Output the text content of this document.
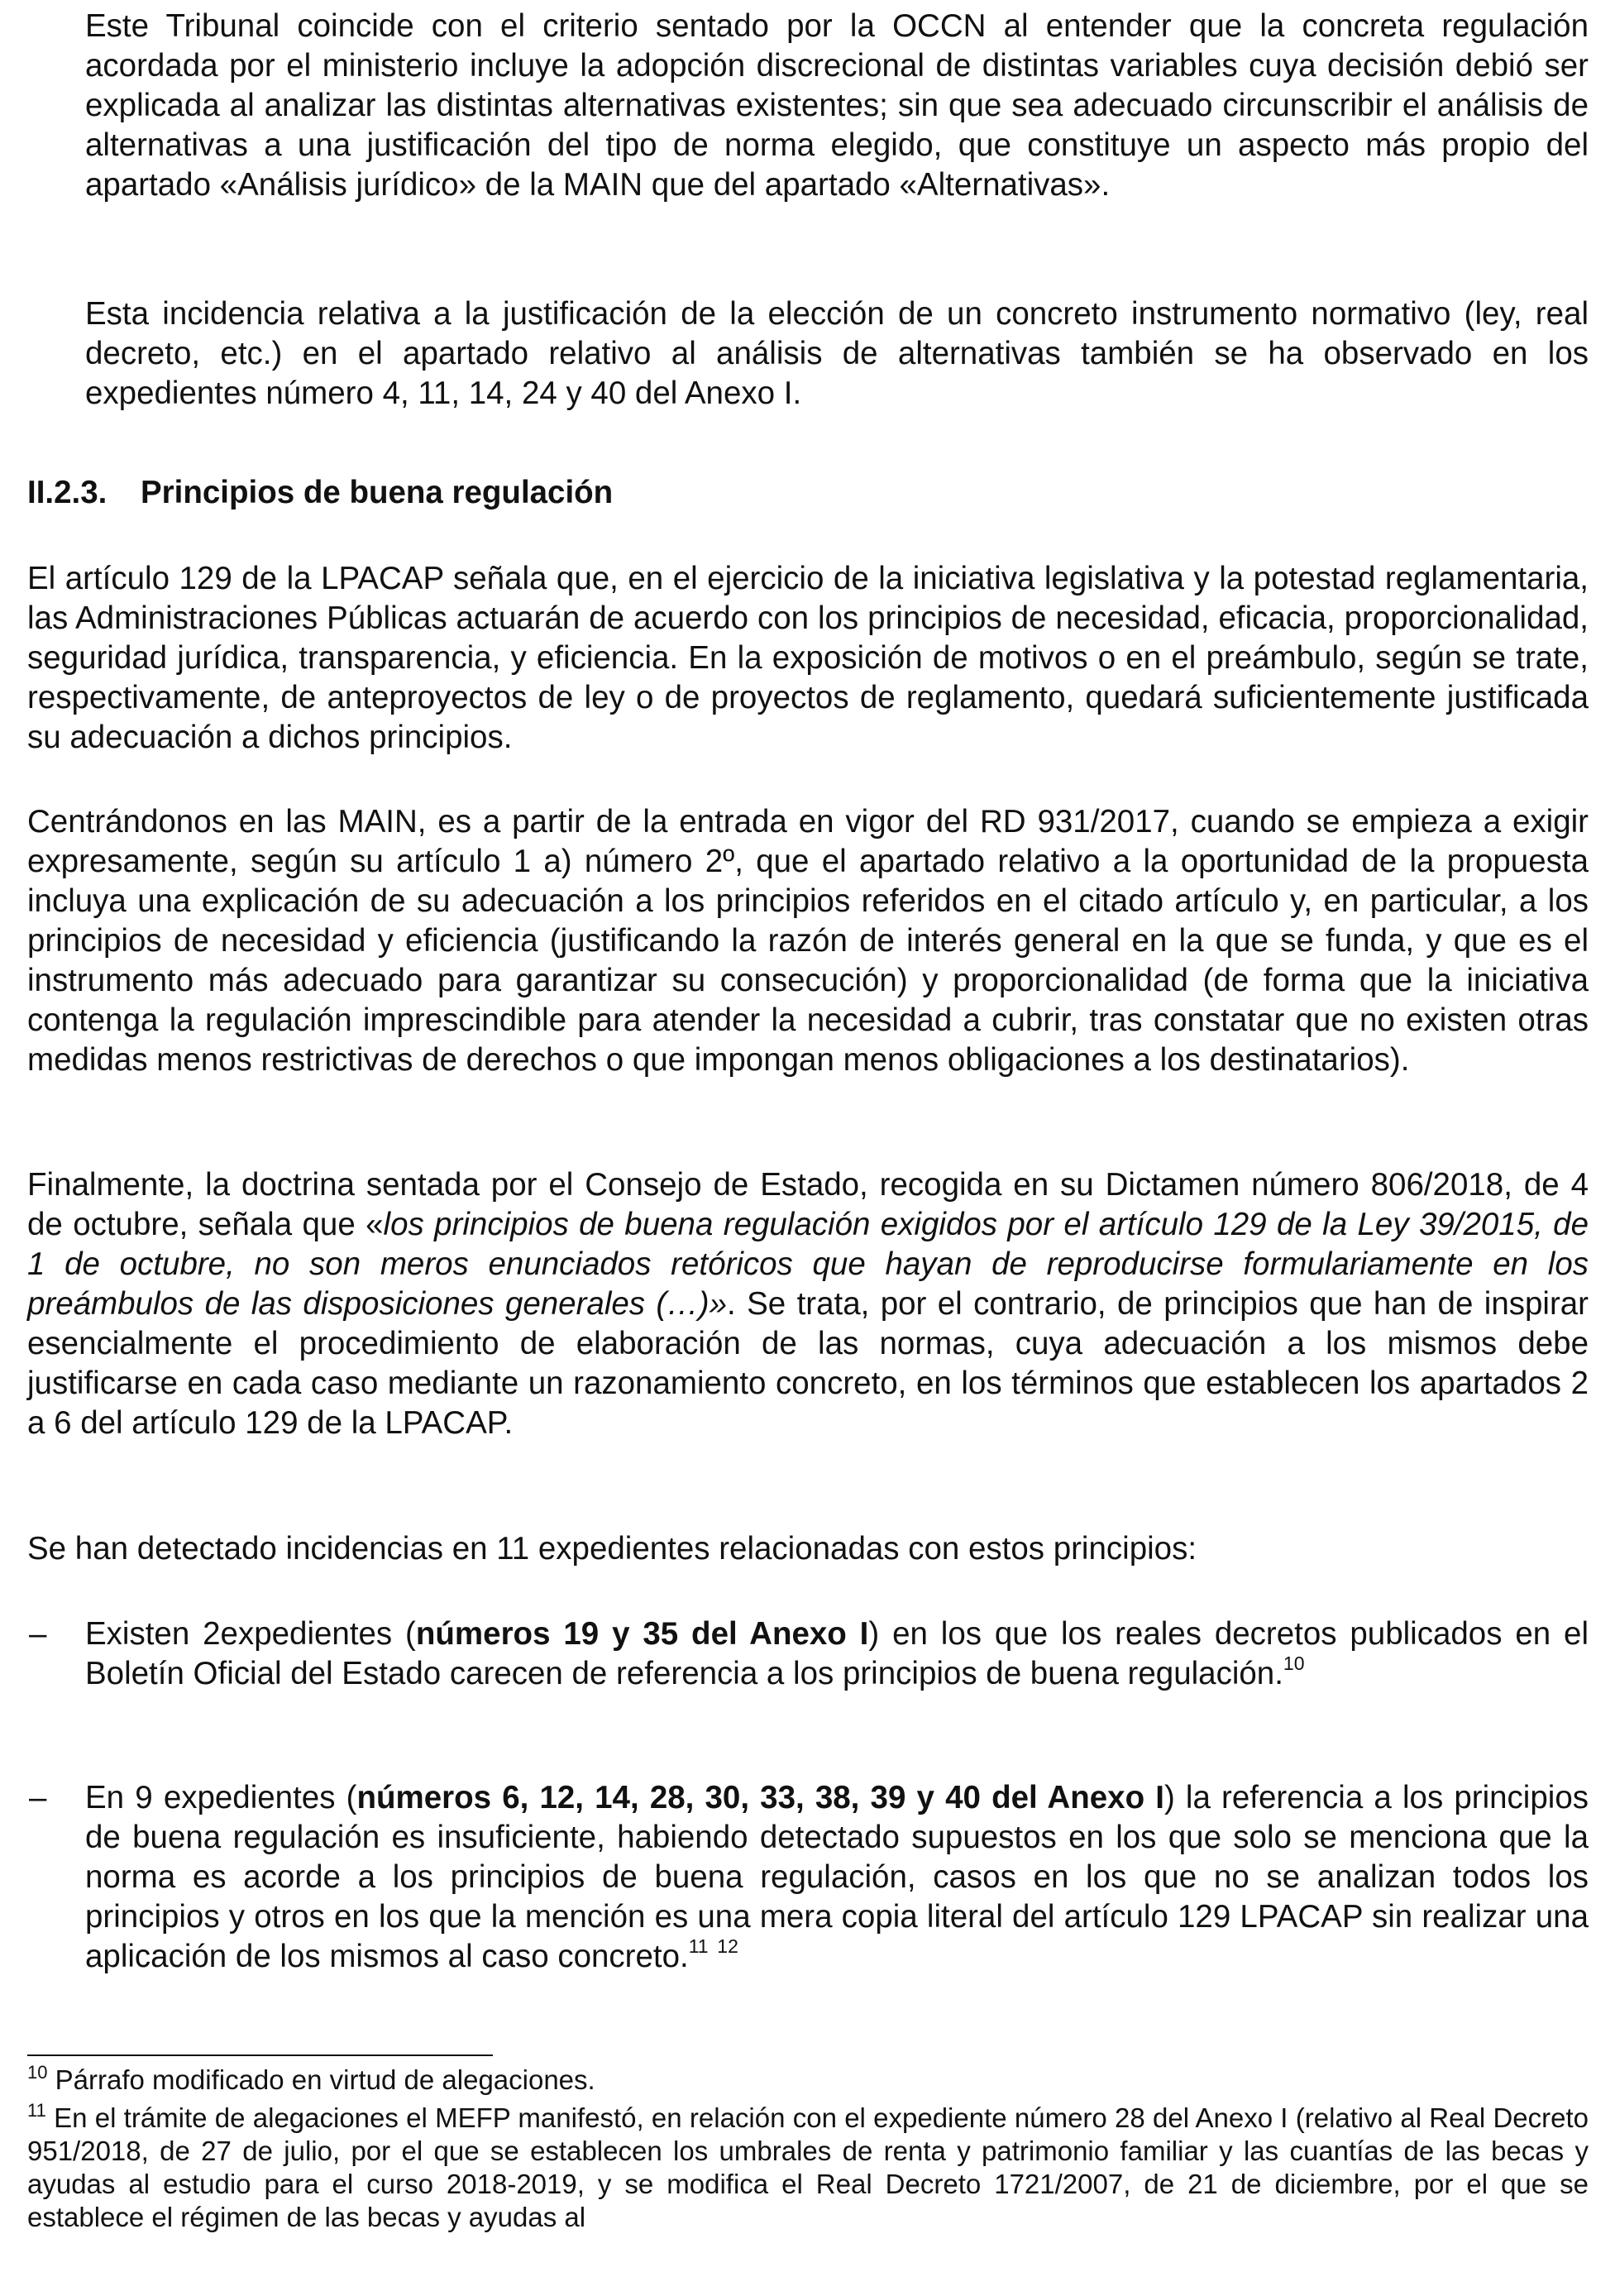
Este Tribunal coincide con el criterio sentado por la OCCN al entender que la concreta regulación acordada por el ministerio incluye la adopción discrecional de distintas variables cuya decisión debió ser explicada al analizar las distintas alternativas existentes; sin que sea adecuado circunscribir el análisis de alternativas a una justificación del tipo de norma elegido, que constituye un aspecto más propio del apartado «Análisis jurídico» de la MAIN que del apartado «Alternativas».

Esta incidencia relativa a la justificación de la elección de un concreto instrumento normativo (ley, real decreto, etc.) en el apartado relativo al análisis de alternativas también se ha observado en los expedientes número 4, 11, 14, 24 y 40 del Anexo I.

II.2.3. Principios de buena regulación

El artículo 129 de la LPACAP señala que, en el ejercicio de la iniciativa legislativa y la potestad reglamentaria, las Administraciones Públicas actuarán de acuerdo con los principios de necesidad, eficacia, proporcionalidad, seguridad jurídica, transparencia, y eficiencia. En la exposición de motivos o en el preámbulo, según se trate, respectivamente, de anteproyectos de ley o de proyectos de reglamento, quedará suficientemente justificada su adecuación a dichos principios.

Centrándonos en las MAIN, es a partir de la entrada en vigor del RD 931/2017, cuando se empieza a exigir expresamente, según su artículo 1 a) número 2º, que el apartado relativo a la oportunidad de la propuesta incluya una explicación de su adecuación a los principios referidos en el citado artículo y, en particular, a los principios de necesidad y eficiencia (justificando la razón de interés general en la que se funda, y que es el instrumento más adecuado para garantizar su consecución) y proporcionalidad (de forma que la iniciativa contenga la regulación imprescindible para atender la necesidad a cubrir, tras constatar que no existen otras medidas menos restrictivas de derechos o que impongan menos obligaciones a los destinatarios).

Finalmente, la doctrina sentada por el Consejo de Estado, recogida en su Dictamen número 806/2018, de 4 de octubre, señala que «los principios de buena regulación exigidos por el artículo 129 de la Ley 39/2015, de 1 de octubre, no son meros enunciados retóricos que hayan de reproducirse formulariamente en los preámbulos de las disposiciones generales (…)». Se trata, por el contrario, de principios que han de inspirar esencialmente el procedimiento de elaboración de las normas, cuya adecuación a los mismos debe justificarse en cada caso mediante un razonamiento concreto, en los términos que establecen los apartados 2 a 6 del artículo 129 de la LPACAP.

Se han detectado incidencias en 11 expedientes relacionadas con estos principios:

– Existen 2expedientes (números 19 y 35 del Anexo I) en los que los reales decretos publicados en el Boletín Oficial del Estado carecen de referencia a los principios de buena regulación.$^{10}$

– En 9 expedientes (números 6, 12, 14, 28, 30, 33, 38, 39 y 40 del Anexo I) la referencia a los principios de buena regulación es insuficiente, habiendo detectado supuestos en los que solo se menciona que la norma es acorde a los principios de buena regulación, casos en los que no se analizan todos los principios y otros en los que la mención es una mera copia literal del artículo 129 LPACAP sin realizar una aplicación de los mismos al caso concreto.$^{11}$ $^{12}$

$^{10}$ Párrafo modificado en virtud de alegaciones.

$^{11}$ En el trámite de alegaciones el MEFP manifestó, en relación con el expediente número 28 del Anexo I (relativo al Real Decreto 951/2018, de 27 de julio, por el que se establecen los umbrales de renta y patrimonio familiar y las cuantías de las becas y ayudas al estudio para el curso 2018-2019, y se modifica el Real Decreto 1721/2007, de 21 de diciembre, por el que se establece el régimen de las becas y ayudas al
